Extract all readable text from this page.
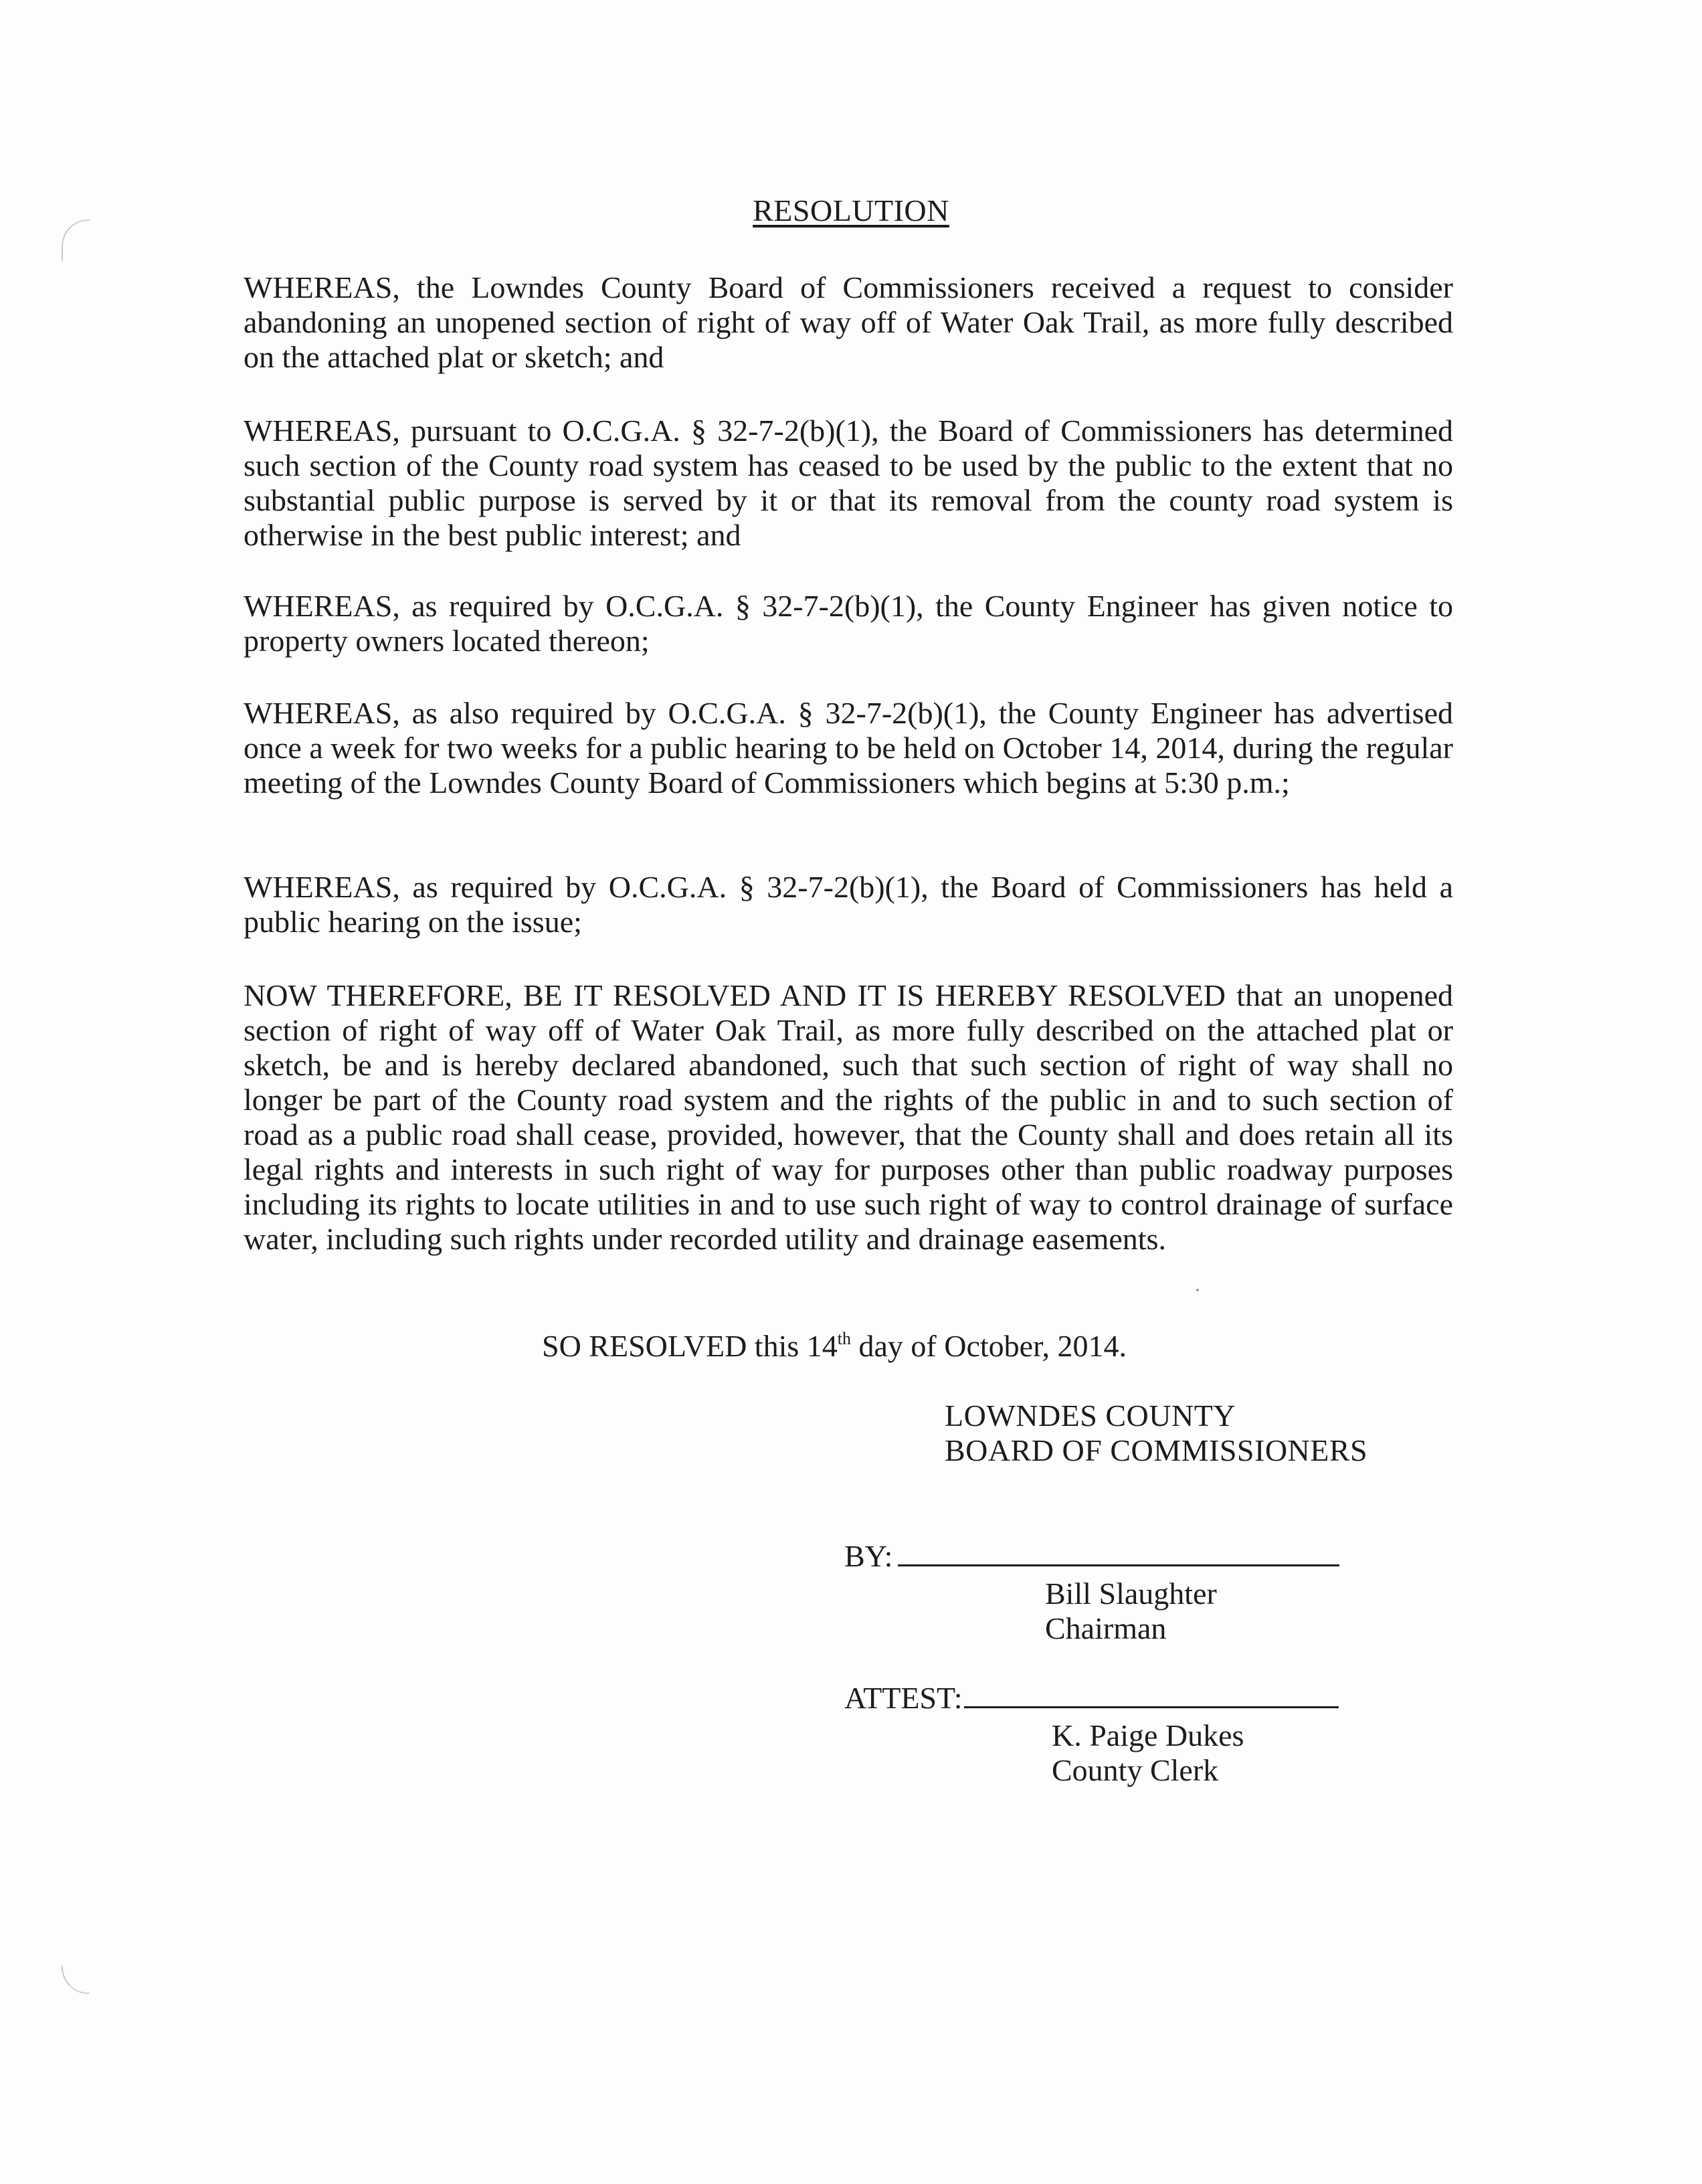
RESOLUTION

WHEREAS, the Lowndes County Board of Commissioners received a request to consider abandoning an unopened section of right of way off of Water Oak Trail, as more fully described on the attached plat or sketch; and

WHEREAS, pursuant to O.C.G.A. § 32-7-2(b)(1), the Board of Commissioners has determined such section of the County road system has ceased to be used by the public to the extent that no substantial public purpose is served by it or that its removal from the county road system is otherwise in the best public interest; and

WHEREAS, as required by O.C.G.A. § 32-7-2(b)(1), the County Engineer has given notice to property owners located thereon;

WHEREAS, as also required by O.C.G.A. § 32-7-2(b)(1), the County Engineer has advertised once a week for two weeks for a public hearing to be held on October 14, 2014, during the regular meeting of the Lowndes County Board of Commissioners which begins at 5:30 p.m.;

WHEREAS, as required by O.C.G.A. § 32-7-2(b)(1), the Board of Commissioners has held a public hearing on the issue;

NOW THEREFORE, BE IT RESOLVED AND IT IS HEREBY RESOLVED that an unopened section of right of way off of Water Oak Trail, as more fully described on the attached plat or sketch, be and is hereby declared abandoned, such that such section of right of way shall no longer be part of the County road system and the rights of the public in and to such section of road as a public road shall cease, provided, however, that the County shall and does retain all its legal rights and interests in such right of way for purposes other than public roadway purposes including its rights to locate utilities in and to use such right of way to control drainage of surface water, including such rights under recorded utility and drainage easements.

SO RESOLVED this 14th day of October, 2014.
LOWNDES COUNTY
BOARD OF COMMISSIONERS
BY:
Bill Slaughter
Chairman
ATTEST:
K. Paige Dukes
County Clerk
